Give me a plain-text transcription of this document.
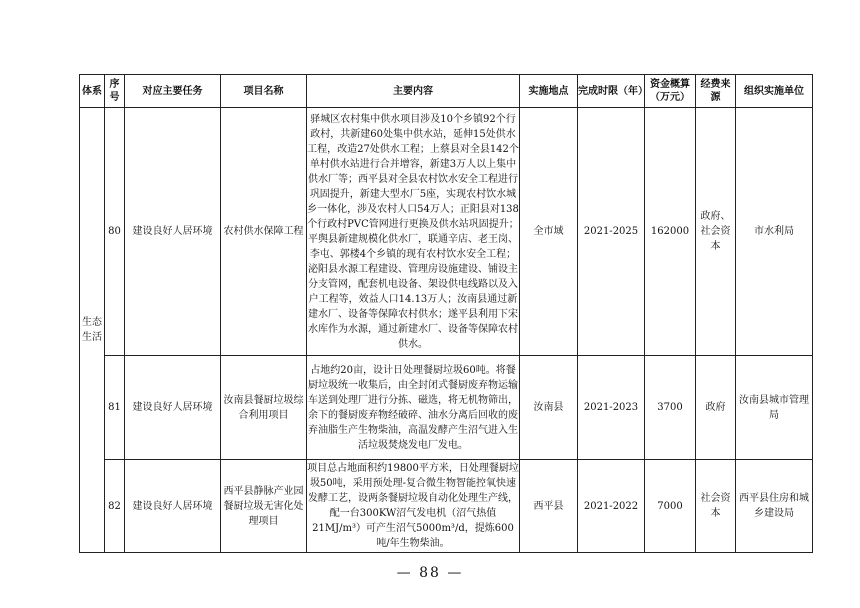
体系	序号	对应主要任务	项目名称	主要内容	实施地点	完成时限（年）	资金概算（万元）	经费来源	组织实施单位
生态生活	80	建设良好人居环境	农村供水保障工程	驿城区农村集中供水项目涉及10个乡镇92个行政村，共新建60处集中供水站，延伸15处供水工程，改造27处供水工程；上蔡县对全县142个单村供水站进行合并增容，新建3万人以上集中供水厂等；西平县对全县农村饮水安全工程进行巩固提升，新建大型水厂5座，实现农村饮水城乡一体化，涉及农村人口54万人；正阳县对138个行政村PVC管网进行更换及供水站巩固提升；平舆县新建规模化供水厂，联通辛店、老王岗、李屯、郭楼4个乡镇的现有农村饮水安全工程；泌阳县水源工程建设、管理房设施建设、铺设主分支管网，配套机电设备、架设供电线路以及入户工程等，效益人口14.13万人；汝南县通过新建水厂、设备等保障农村供水；遂平县利用下宋水库作为水源，通过新建水厂、设备等保障农村供水。	全市域	2021-2025	162000	政府、社会资本	市水利局
	81	建设良好人居环境	汝南县餐厨垃圾综合利用项目	占地约20亩，设计日处理餐厨垃圾60吨。将餐厨垃圾统一收集后，由全封闭式餐厨废弃物运输车送到处理厂进行分拣、磁选，将无机物筛出，余下的餐厨废弃物经破碎、油水分离后回收的废弃油脂生产生物柴油，高温发酵产生沼气进入生活垃圾焚烧发电厂发电。	汝南县	2021-2023	3700	政府	汝南县城市管理局
	82	建设良好人居环境	西平县静脉产业园餐厨垃圾无害化处理项目	项目总占地面积约19800平方米，日处理餐厨垃圾50吨，采用预处理-复合微生物智能控氧快速发酵工艺，设两条餐厨垃圾自动化处理生产线，配一台300KW沼气发电机（沼气热值21MJ/m³）可产生沼气5000m³/d，提炼600吨/年生物柴油。	西平县	2021-2022	7000	社会资本	西平县住房和城乡建设局
— 88 —
